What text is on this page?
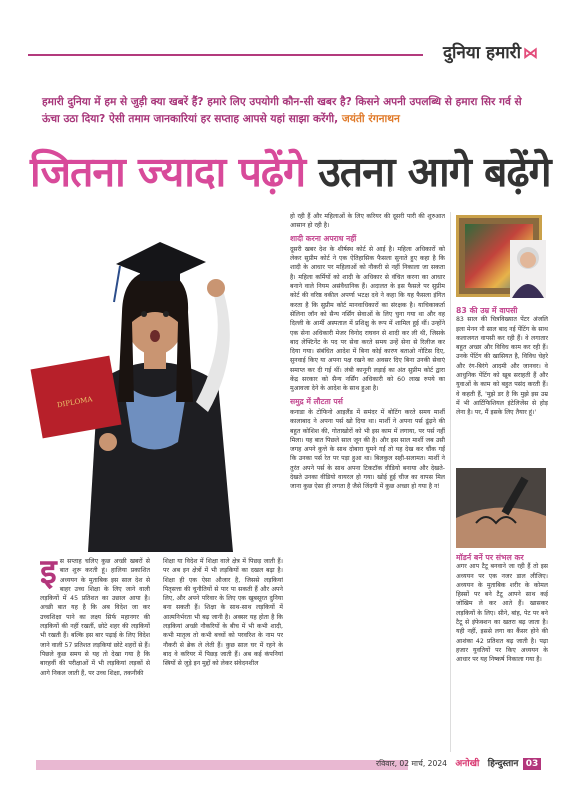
दुनिया हमारी ⋈
हमारी दुनिया में हम से जुड़ी क्या खबरें हैं? हमारे लिए उपयोगी कौन-सी खबर है? किसने अपनी उपलब्धि से हमारा सिर गर्व से ऊंचा उठा दिया? ऐसी तमाम जानकारियां हर सप्ताह आपसे यहां साझा करेंगी, जयंती रंगनाथन
जितना ज्यादा पढ़ेंगे उतना आगे बढ़ेंगे
DIPLOMA
इस सप्ताह चलिए कुछ अच्छी खबरों से बात शुरू करती हूं। हालिया प्रकाशित अध्ययन के मुताबिक इस साल देश से बाहर उच्च शिक्षा के लिए जाने वाली लड़कियों में 45 प्रतिशत का उछाल आया है। अच्छी बात यह है कि अब विदेश जा कर उच्चशिक्षा पाने का लक्ष्य सिर्फ महानगर की लड़कियों की नहीं रखतीं, छोटे शहर की लड़कियों भी रखती हैं। बल्कि इस बार पढ़ाई के लिए विदेश जाने वाली 57 प्रतिशत लड़कियां छोटे शहरों से हैं। पिछले कुछ समय से यह तो देखा गया है कि बारहवीं की परीक्षाओं में भी लड़कियां लड़कों से आगे निकल जाती हैं, पर उच्च शिक्षा, तकनीकी
शिक्षा या विदेश में शिक्षा वाले क्षेत्र में पिछड़ जाती हैं। पर अब इन क्षेत्रों में भी लड़कियों का दखल बढ़ा है। शिक्षा ही एक ऐसा औजार है, जिससे लड़कियां पितृसत्ता की चुनौतियों से पार पा सकती हैं और अपने लिए, और अपने परिवार के लिए एक खुबसूरत दुनिया बना सकती हैं। शिक्षा के साथ-साथ लड़कियों में आत्मनिर्भरता भी बढ़ जानी है। अक्सर यह होता है कि लड़कियां अच्छी नौकरियों के बीच में भी कभी शादी, कभी मातृत्व तो कभी बच्चों को परवरिश के नाम पर नौकरी से ब्रेक ले लेती हैं। कुछ साल घर में रहने के बाद वे करियर में पिछड़ जाती हैं। अब कई कंपनियां स्त्रियों से जुड़े इन मुद्दों को लेकर संवेदनशील
हो रही हैं और महिलाओं के लिए करियर की दूसरी पारी की शुरुआत आसान हो रही है।
शादी करना अपराध नहीं
दूसरी खबर देश के शीर्षस्थ कोर्ट से आई है। महिला अधिकारों को लेकर सुप्रीम कोर्ट ने एक ऐतिहासिक फैसला सुनाते हुए कहा है कि शादी के आधार पर महिलाओं को नौकरी से नहीं निकाला जा सकता है। महिला कर्मियों को शादी के अधिकार से वंचित करना का आधार बनाने वाले नियम असंवैधानिक हैं। अदालत के इस फैसले पर सुप्रीम कोर्ट की वरिष्ठ वकील अपर्णा भटक्ष दवे ने कहा कि यह फैसला इंगित करता है कि सुप्रीम कोर्ट मानवाधिकारों का संरक्षक है। याचिकाकर्ता सेलिना जॉन को सैन्य नर्सिंग सेवाओं के लिए चुना गया था और वह दिल्ली के आर्मी अस्पताल में प्रशिक्षु के रूप में शामिल हुई थीं। उन्होंने एक सेना अधिकारी मेजर विनोद राघवन से शादी कर ली थी, जिसके बाद लेफ्टिनेंट के पद पर सेवा करते समय उन्हें सेना से रिलीज कर दिया गया। संबंधित आदेश में बिना कोई कारण बताओ नोटिस दिए, सुनवाई किए या अपना पक्ष रखने का अवसर दिए बिना उनकी सेवाएं समाप्त कर दी गई थीं। लंबी कानूनी लड़ाई का अंत सुप्रीम कोर्ट द्वारा केंद्र सरकार को सैन्य नर्सिंग अधिकारी को 60 लाख रुपये का मुआवजा देने के आदेश के साथ हुआ है।
समुद्र में लौटता पर्स
कनाडा के टोफिनो आइलैंड में समंदर में बोटिंग करते समय मार्शी कालाबाद ने अपना पर्स खो दिया था। मार्शी ने अपना पर्स ढूंढ़ने की बहुत कोशिश की, गोताखोरों को भी इस काम में लगाया, पर पर्स नहीं मिला। यह बात पिछले साल जून की है। और इस साल मार्शी जब उसी जगह अपने कुत्ते के साथ दोबारा घूमने गईं तो यह देख कर चौंक गईं कि उनका पर्स रेत पर पड़ा हुआ था। बिलकुल सही-सलामत। मार्शी ने तुरंत अपने पर्स के साथ अपना टिकटॉक वीडियो बनाया और देखते-देखते उनका वीडियो वायरल हो गया। खोई हुई चीज का वापस मिल जाना कुछ ऐसा ही लगता है जैसे जिंदगी में कुछ अच्छा हो गया है न!
83 की उम्र में वापसी
83 साल की चित्रविख्यात पेंटर अंजलि इला मेनन नौ साल बाद नई पेंटिंग के साथ कलाजगत वापसी कर रही हैं। वे लगातार बहुत अच्छा और विविध काम कर रही हैं। उनके पेंटिंग की खासियत है, विविध चेहरे और रंग-बिरंगे आदमी और जानवर। वे आधुनिक पेंटिंग को खूब सराहती हैं और युवाओं के काम को बहुत पसंद करती हैं। वे कहती हैं, 'मुझे डर है कि मुझे इस उम्र में भी आर्टिफिशियल इंटेलिजेंस से होड़ लेना है। पर, मैं इसके लिए तैयार हूं।'
मॉडर्न बनें पर संभल कर
अगर आप टैटू बनवाने जा रही हैं तो इस अध्ययन पर एक नजर डाल लीजिए। अध्ययन के मुताबिक शरीर के कोमल हिस्सों पर बने टैटू आपने साथ कई जोखिम ले कर आते हैं। खासकर लड़कियों के लिए। सीने, बांह, पेट पर बने टैटू से इंफेक्शन का खतरा बढ़ जाता है। यही नहीं, इससे लगा का कैंसर होने की आशंका 42 प्रतिशत बढ़ जाती है। पढ़ा हजार युवतियों पर किए अध्ययन के आधार पर यह निष्कर्ष निकाला गया है।
रविवार, 02 मार्च, 2024 अनोखी हिन्दुस्तान 03
